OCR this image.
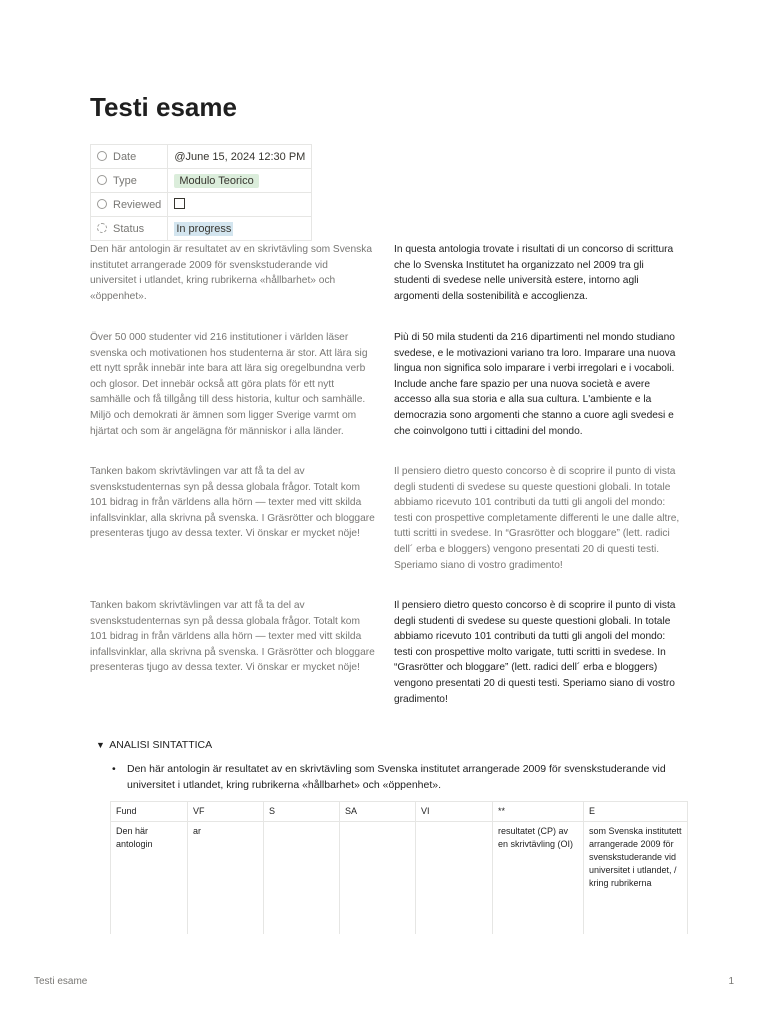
Testi esame
Date	@June 15, 2024 12:30 PM
Type	Modulo Teorico
Reviewed	
Status	In progress

Den här antologin är resultatet av en skrivtävling som Svenska institutet arrangerade 2009 för svenskstuderande vid universitet i utlandet, kring rubrikerna «hållbarhet» och «öppenhet».

In questa antologia trovate i risultati di un concorso di scrittura che lo Svenska Institutet ha organizzato nel 2009 tra gli studenti di svedese nelle università estere, intorno agli argomenti della sostenibilità e accoglienza.

Över 50 000 studenter vid 216 institutioner i världen läser svenska och motivationen hos studenterna är stor. Att lära sig ett nytt språk innebär inte bara att lära sig oregelbundna verb och glosor. Det innebär också att göra plats för ett nytt samhälle och få tillgång till dess historia, kultur och samhälle. Miljö och demokrati är ämnen som ligger Sverige varmt om hjärtat och som är angelägna för människor i alla länder.

Più di 50 mila studenti da 216 dipartimenti nel mondo studiano svedese, e le motivazioni variano tra loro. Imparare una nuova lingua non significa solo imparare i verbi irregolari e i vocaboli. Include anche fare spazio per una nuova società e avere accesso alla sua storia e alla sua cultura. L'ambiente e la democrazia sono argomenti che stanno a cuore agli svedesi e che coinvolgono tutti i cittadini del mondo.

Tanken bakom skrivtävlingen var att få ta del av svenskstudenternas syn på dessa globala frågor. Totalt kom 101 bidrag in från världens alla hörn — texter med vitt skilda infallsvinklar, alla skrivna på svenska. I Gräsrötter och bloggare presenteras tjugo av dessa texter. Vi önskar er mycket nöje!

Il pensiero dietro questo concorso è di scoprire il punto di vista degli studenti di svedese su queste questioni globali. In totale abbiamo ricevuto 101 contributi da tutti gli angoli del mondo: testi con prospettive completamente differenti le une dalle altre, tutti scritti in svedese. In “Grasrötter och bloggare” (lett. radici dell´ erba e bloggers) vengono presentati 20 di questi testi. Speriamo siano di vostro gradimento!

Tanken bakom skrivtävlingen var att få ta del av svenskstudenternas syn på dessa globala frågor. Totalt kom 101 bidrag in från världens alla hörn — texter med vitt skilda infallsvinklar, alla skrivna på svenska. I Gräsrötter och bloggare presenteras tjugo av dessa texter. Vi önskar er mycket nöje!

Il pensiero dietro questo concorso è di scoprire il punto di vista degli studenti di svedese su queste questioni globali. In totale abbiamo ricevuto 101 contributi da tutti gli angoli del mondo: testi con prospettive molto varigate, tutti scritti in svedese. In “Grasrötter och bloggare” (lett. radici dell´ erba e bloggers) vengono presentati 20 di questi testi. Speriamo siano di vostro gradimento!

▼ ANALISI SINTATTICA
•	Den här antologin är resultatet av en skrivtävling som Svenska institutet arrangerade 2009 för svenskstuderande vid universitet i utlandet, kring rubrikerna «hållbarhet» och «öppenhet».
Fund	VF	S	SA	VI	**	E
Den här antologin	ar				resultatet (CP) av en skrivtävling (OI)	som Svenska institutett arrangerade 2009 för svenskstuderande vid universitet i utlandet, / kring rubrikerna
Testi esame	1
